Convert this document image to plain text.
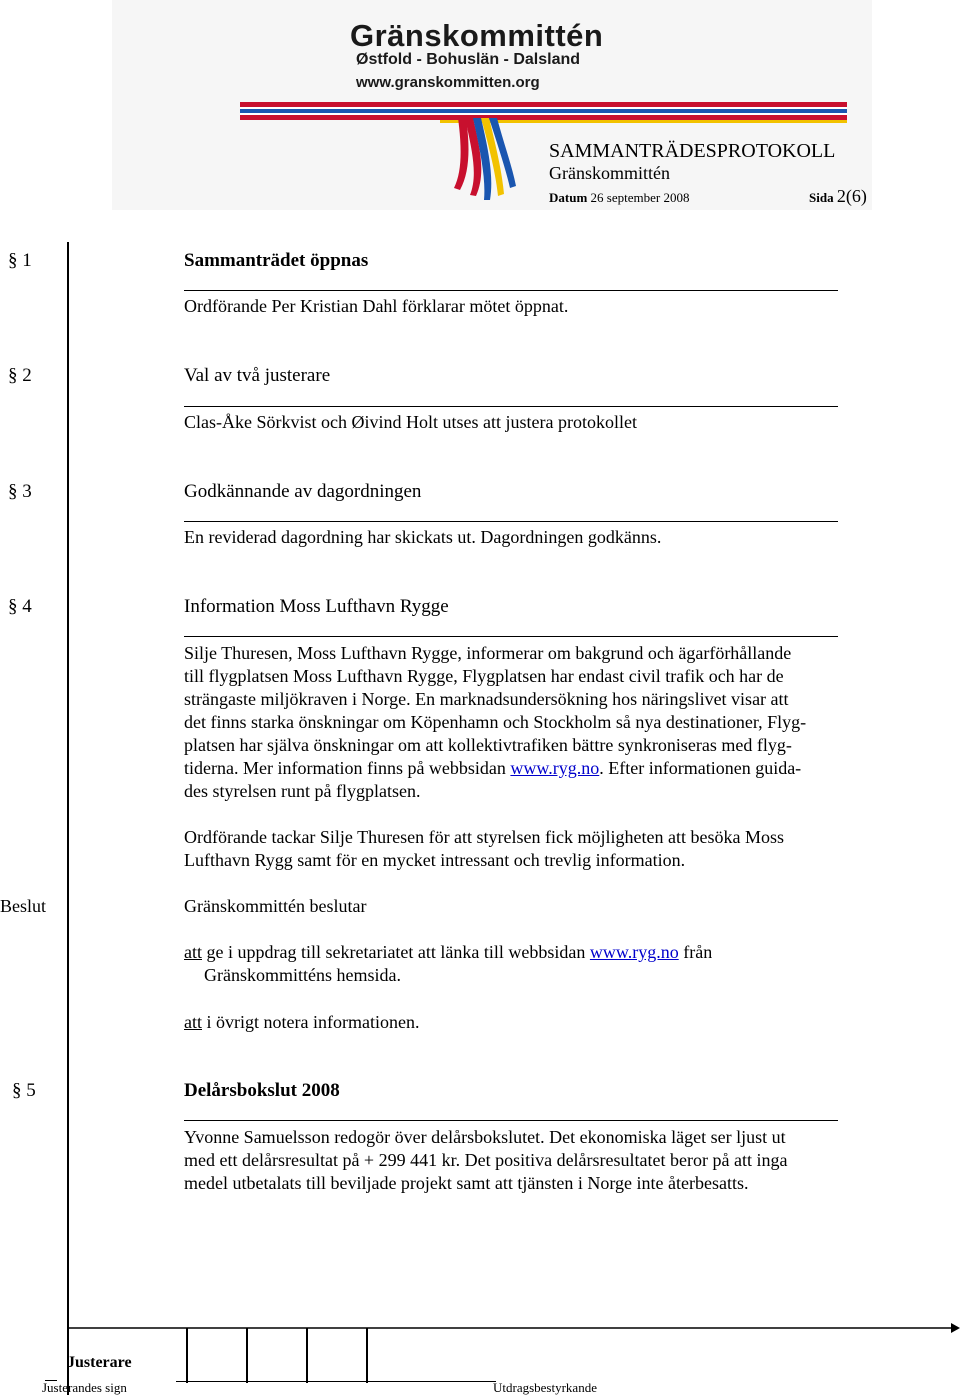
Gränskommittén
Østfold - Bohuslän - Dalsland
www.granskommitten.org
SAMMANTRÄDESPROTOKOLL
Gränskommittén
Datum 26 september 2008	Sida 2(6)
§ 1	Sammanträdet öppnas
Ordförande Per Kristian Dahl förklarar mötet öppnat.
§ 2	Val av två justerare
Clas-Åke Sörkvist och Øivind Holt utses att justera protokollet
§ 3	Godkännande av dagordningen
En reviderad dagordning har skickats ut. Dagordningen godkänns.
§ 4	Information Moss Lufthavn Rygge
Silje Thuresen, Moss Lufthavn Rygge, informerar om bakgrund och ägarförhållande
till flygplatsen Moss Lufthavn Rygge, Flygplatsen har endast civil trafik och har de
strängaste miljökraven i Norge. En marknadsundersökning hos näringslivet visar att
det finns starka önskningar om Köpenhamn och Stockholm så nya destinationer, Flyg-
platsen har själva önskningar om att kollektivtrafiken bättre synkroniseras med flyg-
tiderna. Mer information finns på webbsidan www.ryg.no. Efter informationen guida-
des styrelsen runt på flygplatsen.
Ordförande tackar Silje Thuresen för att styrelsen fick möjligheten att besöka Moss
Lufthavn Rygg samt för en mycket intressant och trevlig information.
Beslut	Gränskommittén beslutar
att ge i uppdrag till sekretariatet att länka till webbsidan www.ryg.no från
Gränskommitténs hemsida.
att i övrigt notera informationen.
§ 5	Delårsbokslut 2008
Yvonne Samuelsson redogör över delårsbokslutet. Det ekonomiska läget ser ljust ut
med ett delårsresultat på + 299 441 kr. Det positiva delårsresultatet beror på att inga
medel utbetalats till beviljade projekt samt att tjänsten i Norge inte återbesatts.
Justerare
Justerandes sign	Utdragsbestyrkande
